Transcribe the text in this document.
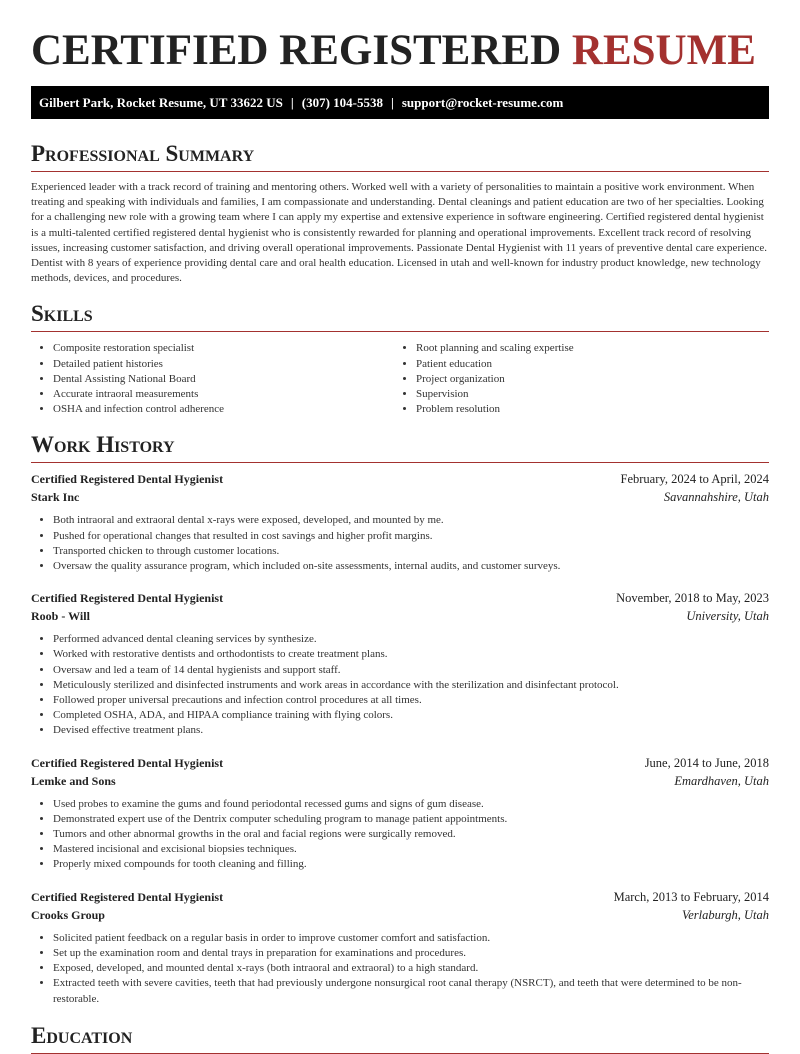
CERTIFIED REGISTERED RESUME
Gilbert Park, Rocket Resume, UT 33622 US | (307) 104-5538 | support@rocket-resume.com
Professional Summary

Experienced leader with a track record of training and mentoring others. Worked well with a variety of personalities to maintain a positive work environment. When treating and speaking with individuals and families, I am compassionate and understanding. Dental cleanings and patient education are two of her specialties. Looking for a challenging new role with a growing team where I can apply my expertise and extensive experience in software engineering. Certified registered dental hygienist is a multi-talented certified registered dental hygienist who is consistently rewarded for planning and operational improvements. Excellent track record of resolving issues, increasing customer satisfaction, and driving overall operational improvements. Passionate Dental Hygienist with 11 years of preventive dental care experience. Dentist with 8 years of experience providing dental care and oral health education. Licensed in utah and well-known for industry product knowledge, new technology methods, devices, and procedures.

Skills
• Composite restoration specialist
• Detailed patient histories
• Dental Assisting National Board
• Accurate intraoral measurements
• OSHA and infection control adherence
• Root planning and scaling expertise
• Patient education
• Project organization
• Supervision
• Problem resolution
Work History
Certified Registered Dental Hygienist	February, 2024 to April, 2024
Stark Inc	Savannahshire, Utah
• Both intraoral and extraoral dental x-rays were exposed, developed, and mounted by me.
• Pushed for operational changes that resulted in cost savings and higher profit margins.
• Transported chicken to through customer locations.
• Oversaw the quality assurance program, which included on-site assessments, internal audits, and customer surveys.
Certified Registered Dental Hygienist	November, 2018 to May, 2023
Roob - Will	University, Utah
• Performed advanced dental cleaning services by synthesize.
• Worked with restorative dentists and orthodontists to create treatment plans.
• Oversaw and led a team of 14 dental hygienists and support staff.
• Meticulously sterilized and disinfected instruments and work areas in accordance with the sterilization and disinfectant protocol.
• Followed proper universal precautions and infection control procedures at all times.
• Completed OSHA, ADA, and HIPAA compliance training with flying colors.
• Devised effective treatment plans.
Certified Registered Dental Hygienist	June, 2014 to June, 2018
Lemke and Sons	Emardhaven, Utah
• Used probes to examine the gums and found periodontal recessed gums and signs of gum disease.
• Demonstrated expert use of the Dentrix computer scheduling program to manage patient appointments.
• Tumors and other abnormal growths in the oral and facial regions were surgically removed.
• Mastered incisional and excisional biopsies techniques.
• Properly mixed compounds for tooth cleaning and filling.
Certified Registered Dental Hygienist	March, 2013 to February, 2014
Crooks Group	Verlaburgh, Utah
• Solicited patient feedback on a regular basis in order to improve customer comfort and satisfaction.
• Set up the examination room and dental trays in preparation for examinations and procedures.
• Exposed, developed, and mounted dental x-rays (both intraoral and extraoral) to a high standard.
• Extracted teeth with severe cavities, teeth that had previously undergone nonsurgical root canal therapy (NSRCT), and teeth that were determined to be non-restorable.
Education
